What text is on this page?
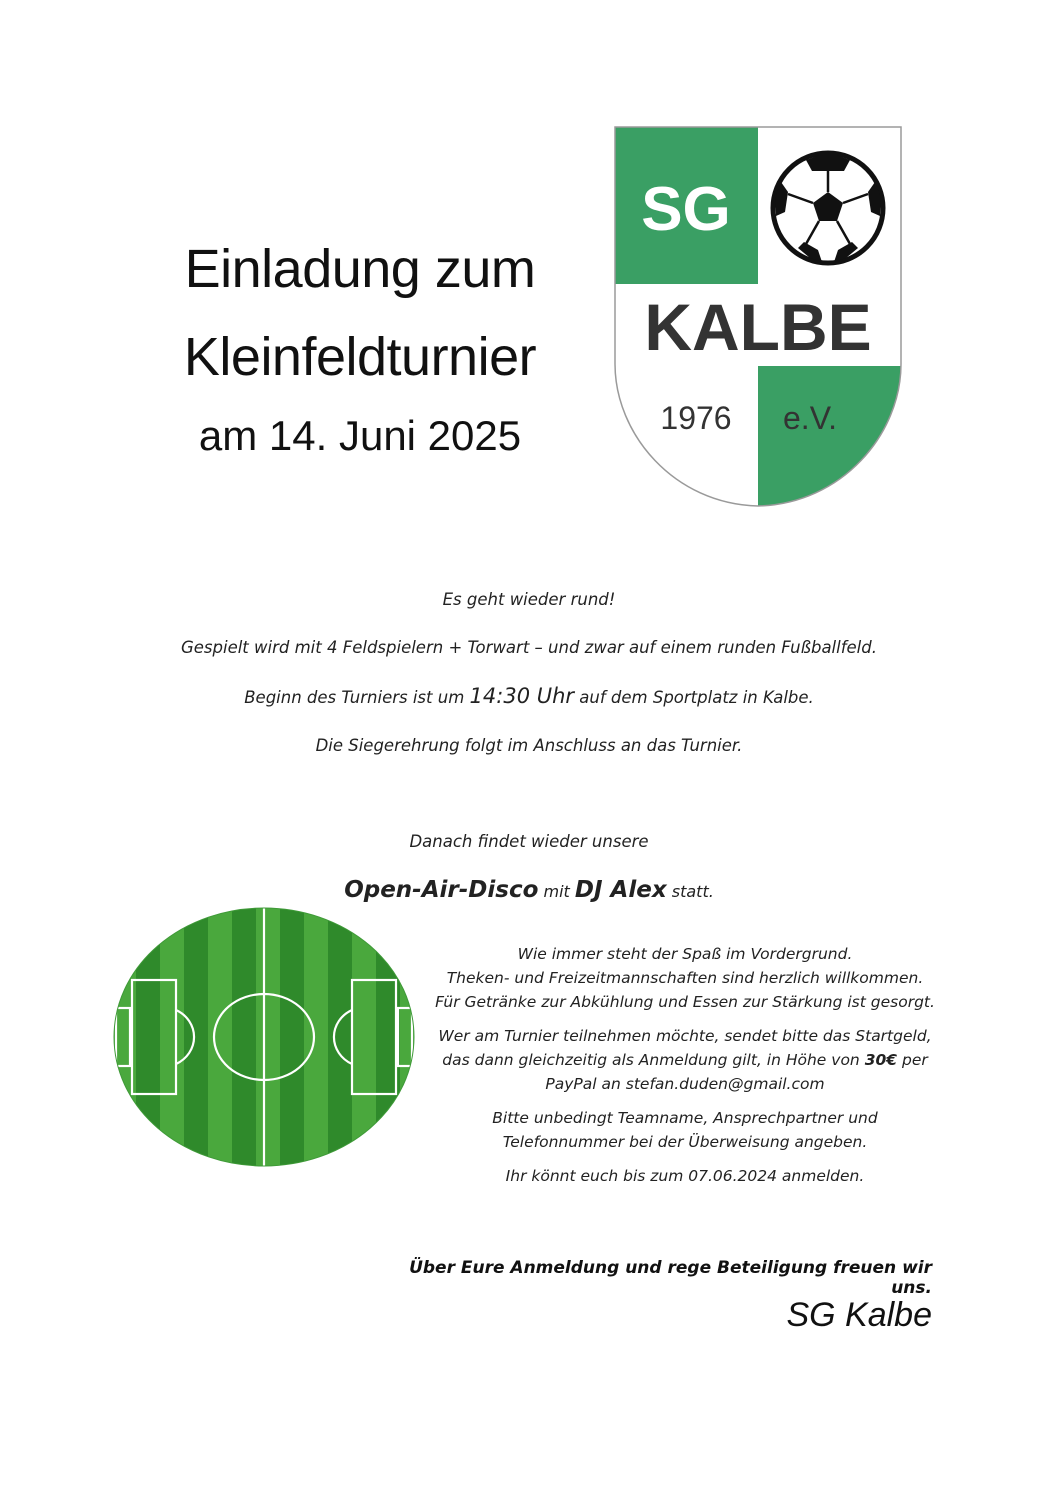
Einladung zum
Kleinfeldturnier
am 14. Juni 2025
SG
KALBE
1976 e.V.

Es geht wieder rund!

Gespielt wird mit 4 Feldspielern + Torwart – und zwar auf einem runden Fußballfeld.

Beginn des Turniers ist um 14:30 Uhr auf dem Sportplatz in Kalbe.

Die Siegerehrung folgt im Anschluss an das Turnier.

Danach findet wieder unsere

Open-Air-Disco mit DJ Alex statt.

Wie immer steht der Spaß im Vordergrund.
Theken- und Freizeitmannschaften sind herzlich willkommen.
Für Getränke zur Abkühlung und Essen zur Stärkung ist gesorgt.

Wer am Turnier teilnehmen möchte, sendet bitte das Startgeld, das dann gleichzeitig als Anmeldung gilt, in Höhe von 30€ per PayPal an stefan.duden@gmail.com

Bitte unbedingt Teamname, Ansprechpartner und Telefonnummer bei der Überweisung angeben.

Ihr könnt euch bis zum 07.06.2024 anmelden.

Über Eure Anmeldung und rege Beteiligung freuen wir uns.
SG Kalbe
